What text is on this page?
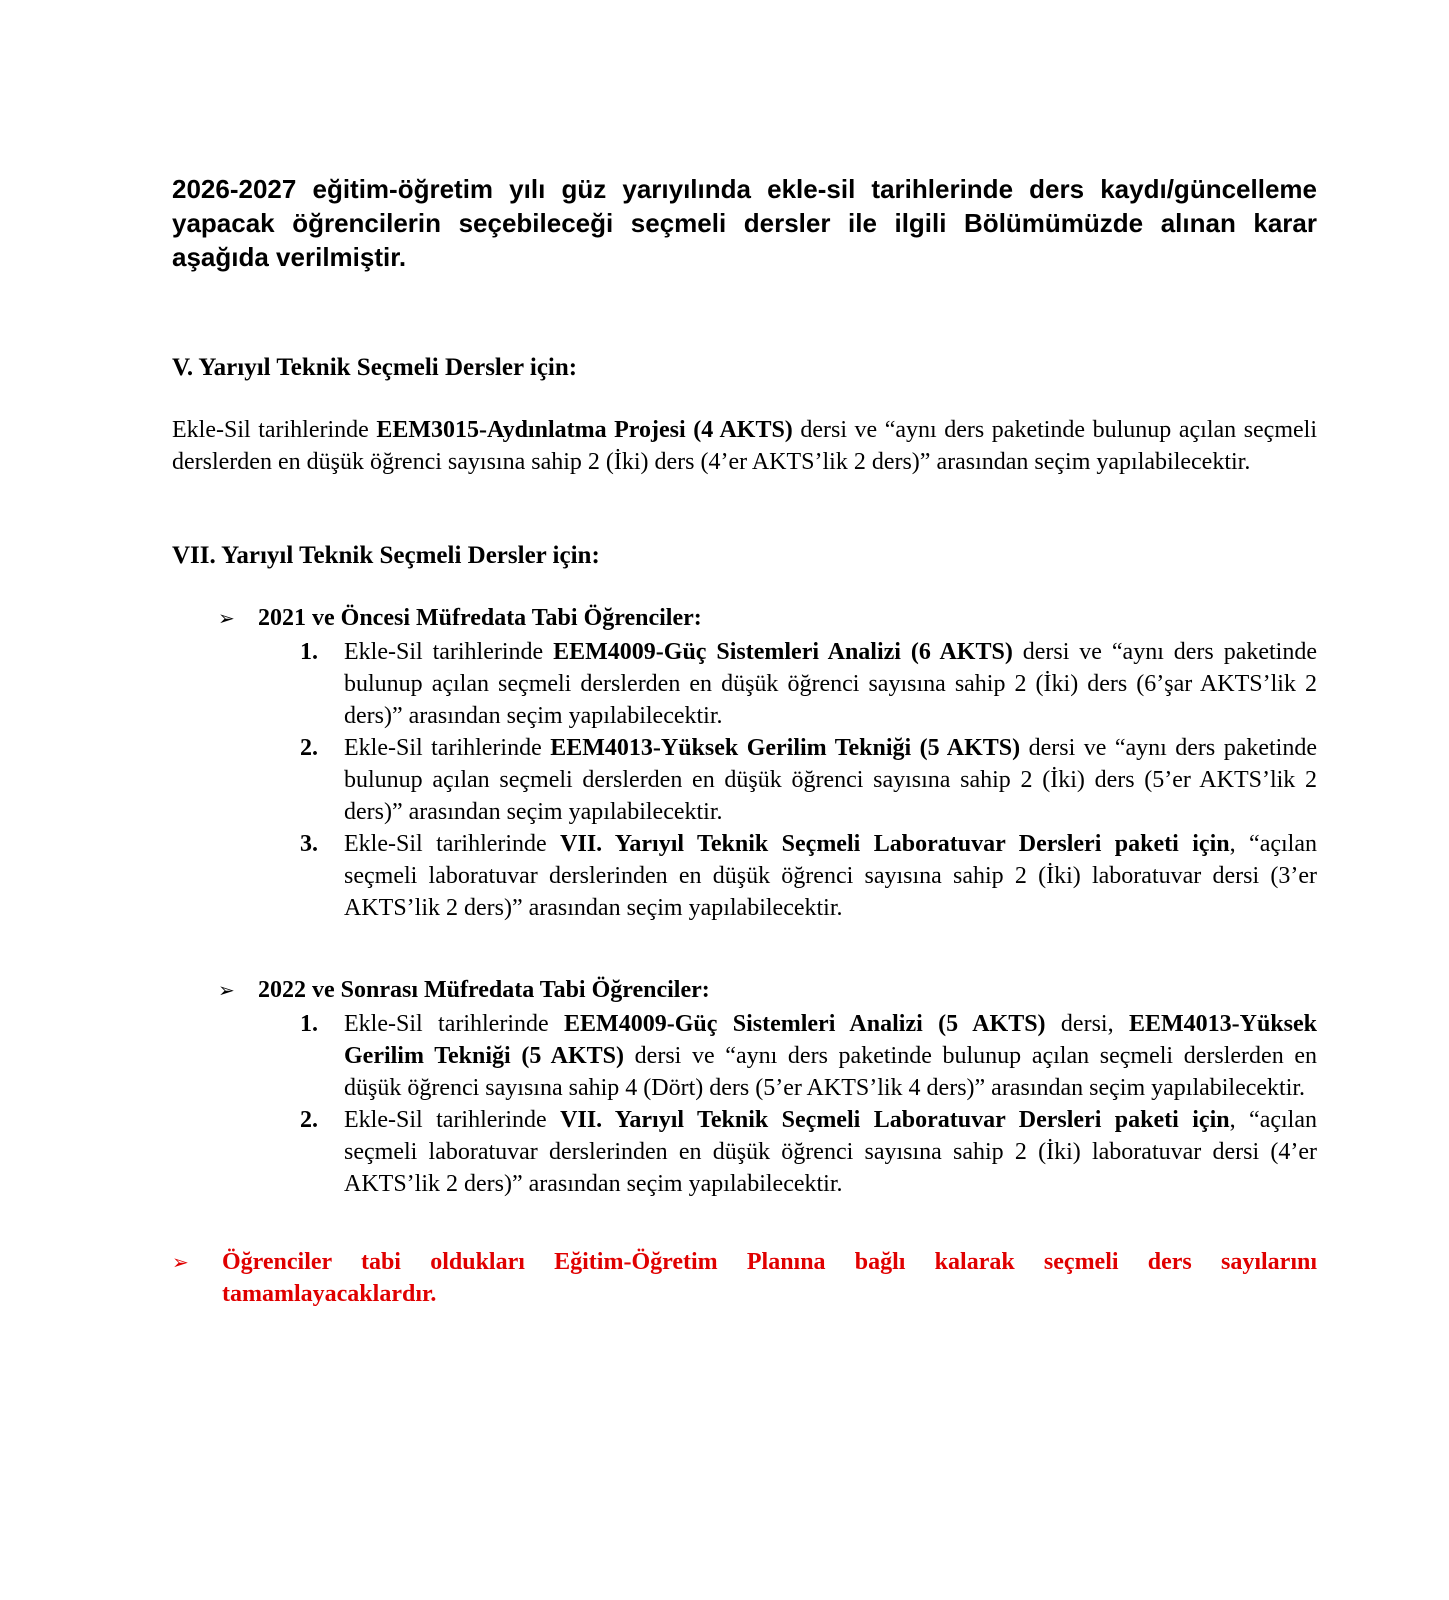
2026-2027 eğitim-öğretim yılı güz yarıyılında ekle-sil tarihlerinde ders kaydı/güncelleme yapacak öğrencilerin seçebileceği seçmeli dersler ile ilgili Bölümümüzde alınan karar aşağıda verilmiştir.

V. Yarıyıl Teknik Seçmeli Dersler için:

Ekle-Sil tarihlerinde EEM3015-Aydınlatma Projesi (4 AKTS) dersi ve “aynı ders paketinde bulunup açılan seçmeli derslerden en düşük öğrenci sayısına sahip 2 (İki) ders (4’er AKTS’lik 2 ders)” arasından seçim yapılabilecektir.

VII. Yarıyıl Teknik Seçmeli Dersler için:

➢ 2021 ve Öncesi Müfredata Tabi Öğrenciler:
1. Ekle-Sil tarihlerinde EEM4009-Güç Sistemleri Analizi (6 AKTS) dersi ve “aynı ders paketinde bulunup açılan seçmeli derslerden en düşük öğrenci sayısına sahip 2 (İki) ders (6’şar AKTS’lik 2 ders)” arasından seçim yapılabilecektir.
2. Ekle-Sil tarihlerinde EEM4013-Yüksek Gerilim Tekniği (5 AKTS) dersi ve “aynı ders paketinde bulunup açılan seçmeli derslerden en düşük öğrenci sayısına sahip 2 (İki) ders (5’er AKTS’lik 2 ders)” arasından seçim yapılabilecektir.
3. Ekle-Sil tarihlerinde VII. Yarıyıl Teknik Seçmeli Laboratuvar Dersleri paketi için, “açılan seçmeli laboratuvar derslerinden en düşük öğrenci sayısına sahip 2 (İki) laboratuvar dersi (3’er AKTS’lik 2 ders)” arasından seçim yapılabilecektir.
➢ 2022 ve Sonrası Müfredata Tabi Öğrenciler:
1. Ekle-Sil tarihlerinde EEM4009-Güç Sistemleri Analizi (5 AKTS) dersi, EEM4013-Yüksek Gerilim Tekniği (5 AKTS) dersi ve “aynı ders paketinde bulunup açılan seçmeli derslerden en düşük öğrenci sayısına sahip 4 (Dört) ders (5’er AKTS’lik 4 ders)” arasından seçim yapılabilecektir.
2. Ekle-Sil tarihlerinde VII. Yarıyıl Teknik Seçmeli Laboratuvar Dersleri paketi için, “açılan seçmeli laboratuvar derslerinden en düşük öğrenci sayısına sahip 2 (İki) laboratuvar dersi (4’er AKTS’lik 2 ders)” arasından seçim yapılabilecektir.
➢ Öğrenciler tabi oldukları Eğitim-Öğretim Planına bağlı kalarak seçmeli ders sayılarını tamamlayacaklardır.
